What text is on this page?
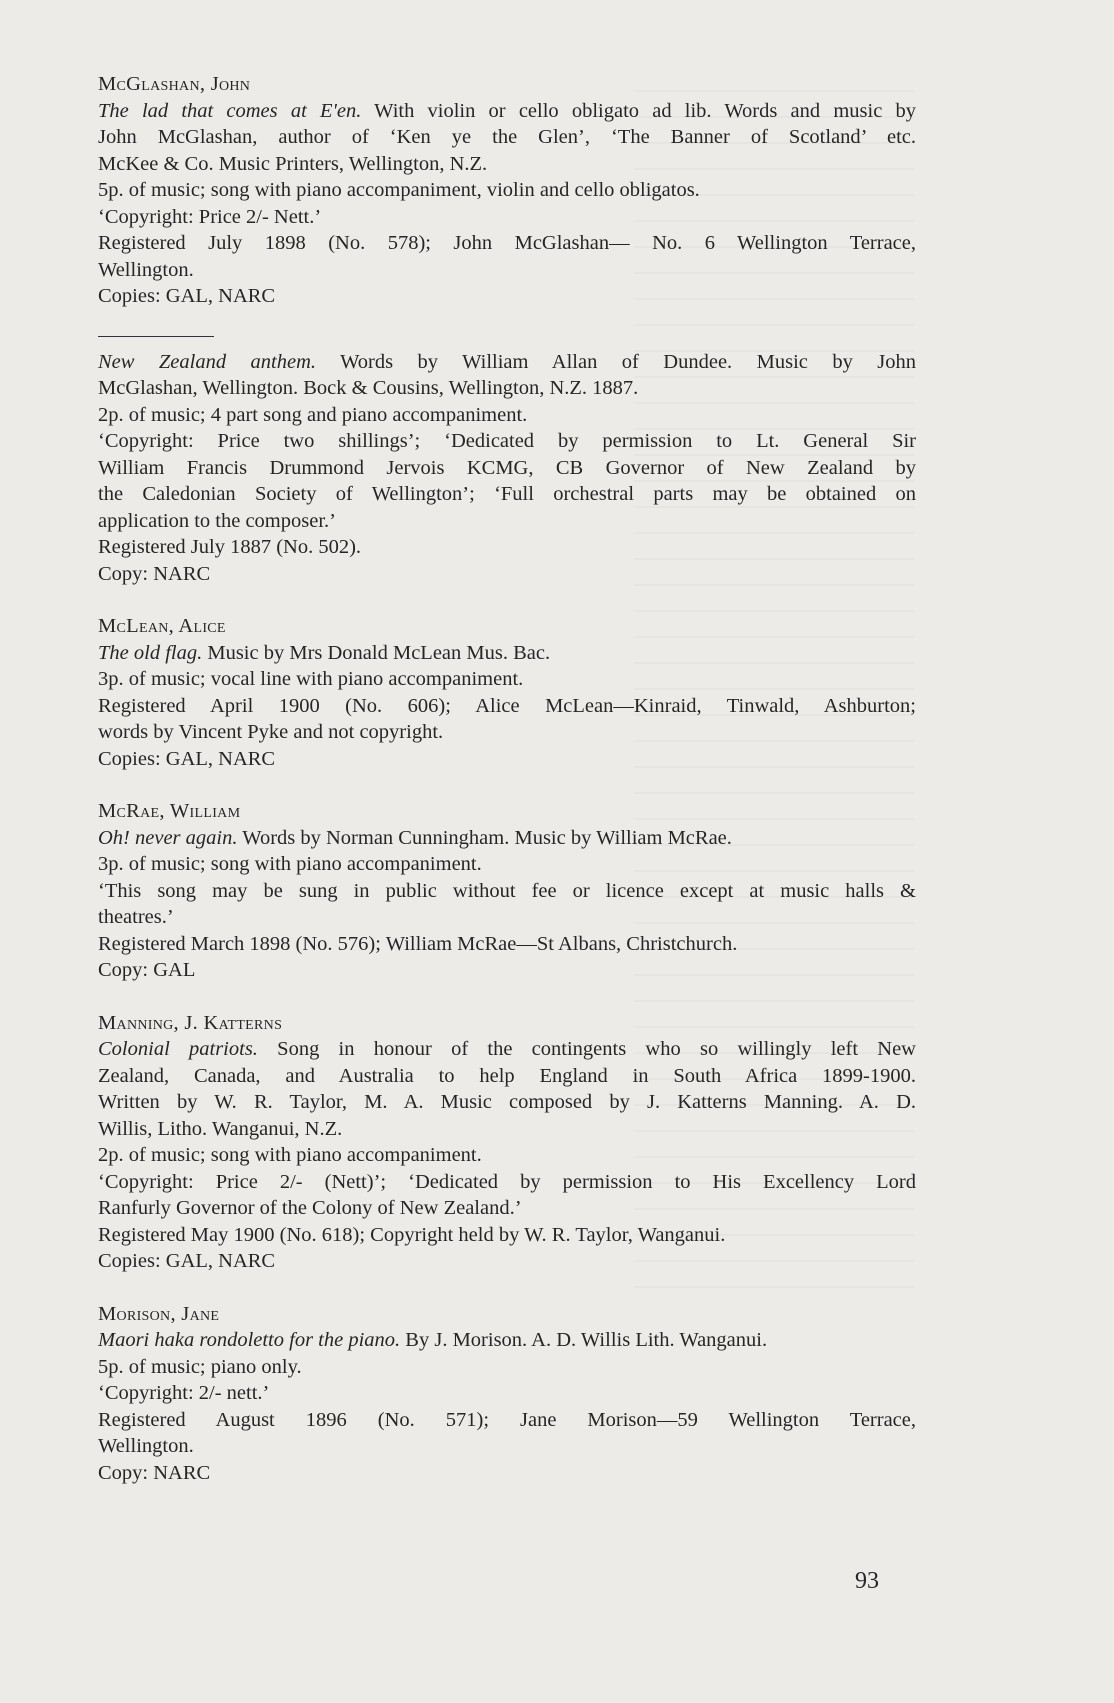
McGlashan, John
The lad that comes at E'en. With violin or cello obligato ad lib. Words and music by
John McGlashan, author of ‘Ken ye the Glen’, ‘The Banner of Scotland’ etc.
McKee & Co. Music Printers, Wellington, N.Z.
5p. of music; song with piano accompaniment, violin and cello obligatos.
‘Copyright: Price 2/- Nett.’
Registered July 1898 (No. 578); John McGlashan— No. 6 Wellington Terrace,
Wellington.
Copies: GAL, NARC
New Zealand anthem. Words by William Allan of Dundee. Music by John
McGlashan, Wellington. Bock & Cousins, Wellington, N.Z. 1887.
2p. of music; 4 part song and piano accompaniment.
‘Copyright: Price two shillings’; ‘Dedicated by permission to Lt. General Sir
William Francis Drummond Jervois KCMG, CB Governor of New Zealand by
the Caledonian Society of Wellington’; ‘Full orchestral parts may be obtained on
application to the composer.’
Registered July 1887 (No. 502).
Copy: NARC
McLean, Alice
The old flag. Music by Mrs Donald McLean Mus. Bac.
3p. of music; vocal line with piano accompaniment.
Registered April 1900 (No. 606); Alice McLean—Kinraid, Tinwald, Ashburton;
words by Vincent Pyke and not copyright.
Copies: GAL, NARC
McRae, William
Oh! never again. Words by Norman Cunningham. Music by William McRae.
3p. of music; song with piano accompaniment.
‘This song may be sung in public without fee or licence except at music halls &
theatres.’
Registered March 1898 (No. 576); William McRae—St Albans, Christchurch.
Copy: GAL
Manning, J. Katterns
Colonial patriots. Song in honour of the contingents who so willingly left New
Zealand, Canada, and Australia to help England in South Africa 1899-1900.
Written by W. R. Taylor, M. A. Music composed by J. Katterns Manning. A. D.
Willis, Litho. Wanganui, N.Z.
2p. of music; song with piano accompaniment.
‘Copyright: Price 2/- (Nett)’; ‘Dedicated by permission to His Excellency Lord
Ranfurly Governor of the Colony of New Zealand.’
Registered May 1900 (No. 618); Copyright held by W. R. Taylor, Wanganui.
Copies: GAL, NARC
Morison, Jane
Maori haka rondoletto for the piano. By J. Morison. A. D. Willis Lith. Wanganui.
5p. of music; piano only.
‘Copyright: 2/- nett.’
Registered August 1896 (No. 571); Jane Morison—59 Wellington Terrace,
Wellington.
Copy: NARC
93
